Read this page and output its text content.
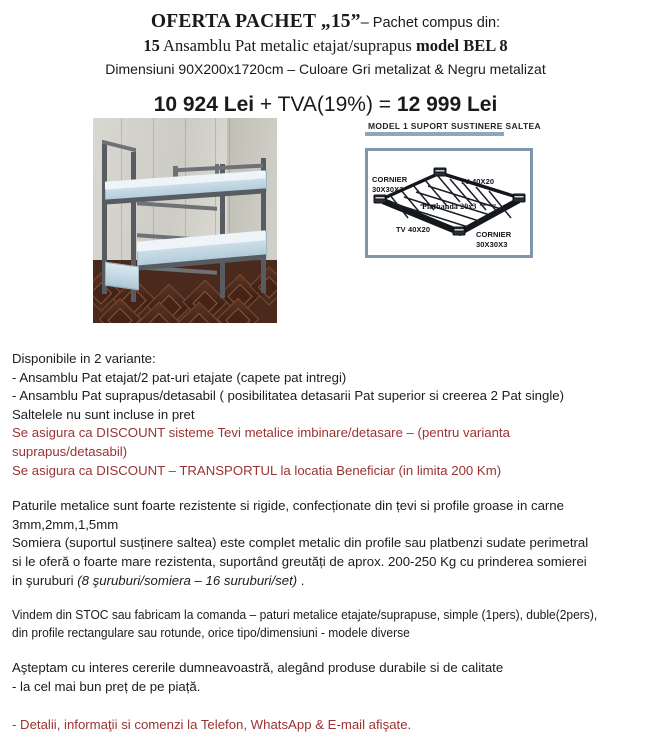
OFERTA PACHET „15”– Pachet compus din:
15 Ansamblu Pat metalic etajat/suprapus model BEL 8
Dimensiuni 90X200x1720cm – Culoare Gri metalizat & Negru metalizat
10 924 Lei + TVA(19%) = 12 999 Lei
MODEL 1 SUPORT SUSTINERE SALTEA
CORNIER
30X30X3
TV 40X20
Platbanda 20x3
TV 40X20
CORNIER
30X30X3

Disponibile in 2 variante:

- Ansamblu Pat etajat/2 pat-uri etajate (capete pat intregi)

- Ansamblu Pat suprapus/detasabil ( posibilitatea detasarii Pat superior si creerea 2 Pat single)

Saltelele nu sunt incluse in pret

Se asigura ca DISCOUNT sisteme Tevi metalice imbinare/detasare – (pentru varianta

suprapus/detasabil)

Se asigura ca DISCOUNT – TRANSPORTUL la locatia Beneficiar (in limita 200 Km)

Paturile metalice sunt foarte rezistente si rigide, confecționate din țevi si profile groase in carne 3mm,2mm,1,5mm

Somiera (suportul susținere saltea) este complet metalic din profile sau platbenzi sudate perimetral

si le oferă o foarte mare rezistenta, suportând greutăți de aprox. 200-250 Kg cu prinderea somierei

in şuruburi (8 şuruburi/somiera – 16 suruburi/set) .

Vindem din STOC sau fabricam la comanda – paturi metalice etajate/suprapuse, simple (1pers), duble(2pers),

din profile rectangulare sau rotunde, orice tipo/dimensiuni - modele diverse

Aşteptam cu interes cererile dumneavoastră, alegând produse durabile si de calitate

- la cel mai bun preț de pe piață.

- Detalii, informaţii si comenzi la Telefon, WhatsApp & E-mail afişate.
